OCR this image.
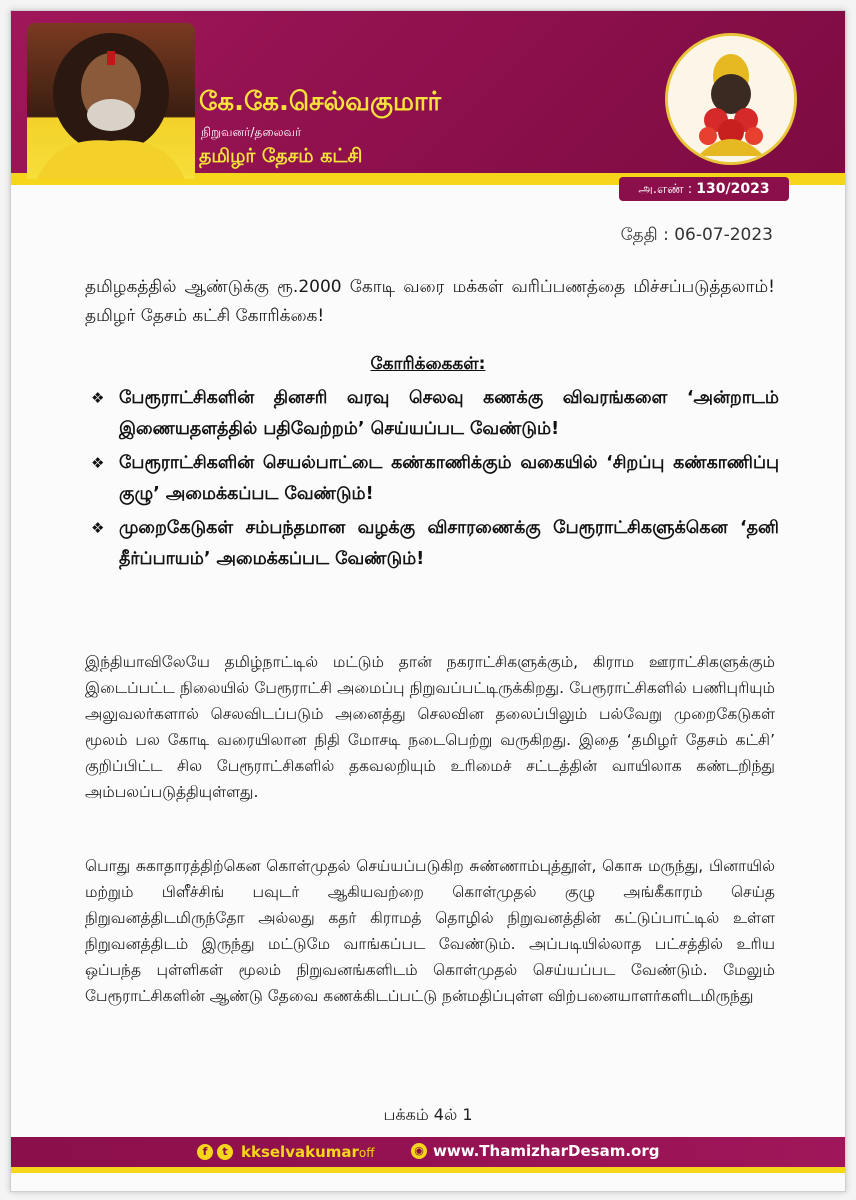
கே.கே.செல்வகுமார்
நிறுவனர்/தலைவர்
தமிழர் தேசம் கட்சி
அ.எண் : 130/2023
தேதி : 06-07-2023
தமிழகத்தில் ஆண்டுக்கு ரூ.2000 கோடி வரை மக்கள் வரிப்பணத்தை மிச்சப்படுத்தலாம்! தமிழர் தேசம் கட்சி கோரிக்கை!
கோரிக்கைகள்:
❖ பேரூராட்சிகளின் தினசரி வரவு செலவு கணக்கு விவரங்களை ‘அன்றாடம் இணையதளத்தில் பதிவேற்றம்’ செய்யப்பட வேண்டும்!
❖ பேரூராட்சிகளின் செயல்பாட்டை கண்காணிக்கும் வகையில் ‘சிறப்பு கண்காணிப்பு குழு’ அமைக்கப்பட வேண்டும்!
❖ முறைகேடுகள் சம்பந்தமான வழக்கு விசாரணைக்கு பேரூராட்சிகளுக்கென ‘தனி தீர்ப்பாயம்’ அமைக்கப்பட வேண்டும்!
இந்தியாவிலேயே தமிழ்நாட்டில் மட்டும் தான் நகராட்சிகளுக்கும், கிராம ஊராட்சிகளுக்கும் இடைப்பட்ட நிலையில் பேரூராட்சி அமைப்பு நிறுவப்பட்டிருக்கிறது. பேரூராட்சிகளில் பணிபுரியும் அலுவலர்களால் செலவிடப்படும் அனைத்து செலவின தலைப்பிலும் பல்வேறு முறைகேடுகள் மூலம் பல கோடி வரையிலான நிதி மோசடி நடைபெற்று வருகிறது. இதை ‘தமிழர் தேசம் கட்சி’ குறிப்பிட்ட சில பேரூராட்சிகளில் தகவலறியும் உரிமைச் சட்டத்தின் வாயிலாக கண்டறிந்து அம்பலப்படுத்தியுள்ளது.
பொது சுகாதாரத்திற்கென கொள்முதல் செய்யப்படுகிற சுண்ணாம்புத்தூள், கொசு மருந்து, பினாயில் மற்றும் பிளீச்சிங் பவுடர் ஆகியவற்றை கொள்முதல் குழு அங்கீகாரம் செய்த நிறுவனத்திடமிருந்தோ அல்லது கதர் கிராமத் தொழில் நிறுவனத்தின் கட்டுப்பாட்டில் உள்ள நிறுவனத்திடம் இருந்து மட்டுமே வாங்கப்பட வேண்டும். அப்படியில்லாத பட்சத்தில் உரிய ஒப்பந்த புள்ளிகள் மூலம் நிறுவனங்களிடம் கொள்முதல் செய்யப்பட வேண்டும். மேலும் பேரூராட்சிகளின் ஆண்டு தேவை கணக்கிடப்பட்டு நன்மதிப்புள்ள விற்பனையாளர்களிடமிருந்து
பக்கம் 4ல் 1
f	t kkselvakumaroff	◉ www.ThamizharDesam.org
